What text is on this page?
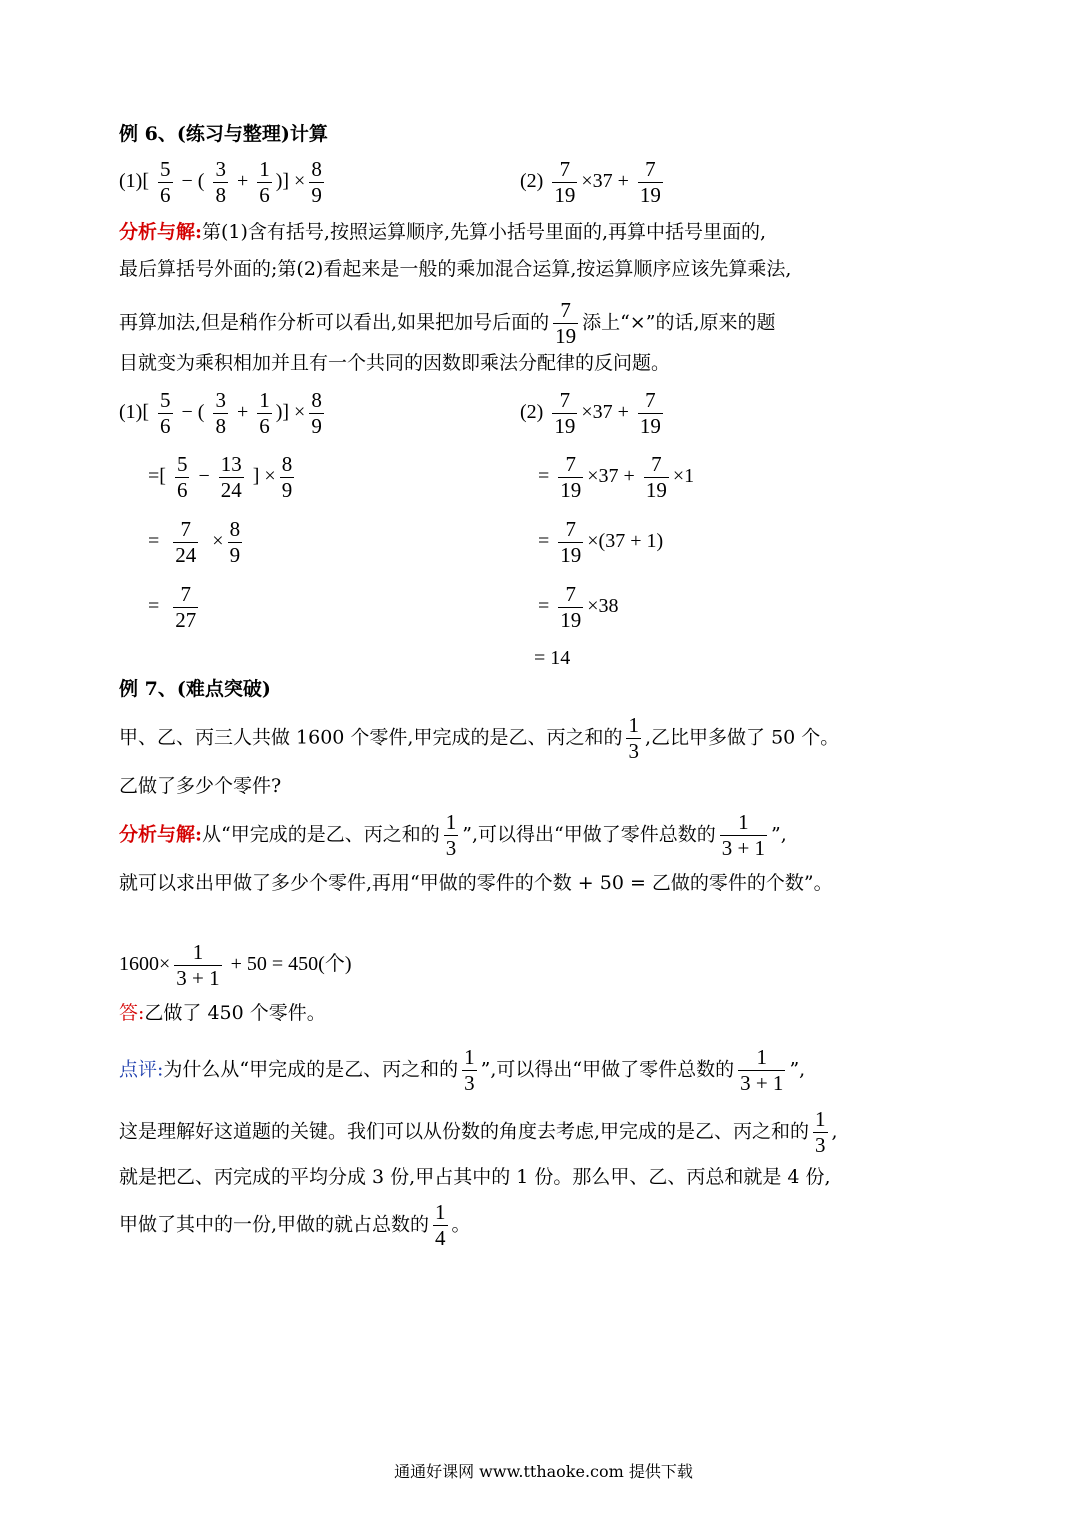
例 6、(练习与整理)计算
$(1)[ \frac{5}{6}$ − ( $\frac{3}{8} + \frac{1}{6}$ )] × $\frac{8}{9}$	$(2) \frac{7}{19} \times 37 + \frac{7}{19}$
分析与解:第(1)含有括号,按照运算顺序,先算小括号里面的,再算中括号里面的,
最后算括号外面的;第(2)看起来是一般的乘加混合运算,按运算顺序应该先算乘法,
再算加法,但是稍作分析可以看出,如果把加号后面的 $\frac{7}{19}$ 添上“×”的话,原来的题
目就变为乘积相加并且有一个共同的因数即乘法分配律的反问题。
$(1)[ \frac{5}{6}$ − ( $\frac{3}{8} + \frac{1}{6}$ )] × $\frac{8}{9}$
=[ $\frac{5}{6} - \frac{13}{24}$ ] × $\frac{8}{9}$
= $\frac{7}{24} \times \frac{8}{9}$
= $\frac{7}{27}$
$(2) \frac{7}{19} \times 37 + \frac{7}{19}$
= $\frac{7}{19} \times 37 + \frac{7}{19} \times 1$
= $\frac{7}{19} \times(37 + 1)$
= $\frac{7}{19} \times 38$
= 14
例 7、(难点突破)
甲、乙、丙三人共做 1600 个零件,甲完成的是乙、丙之和的 $\frac{1}{3}$ ,乙比甲多做了 50 个。
乙做了多少个零件?
分析与解:从“甲完成的是乙、丙之和的 $\frac{1}{3}$ ”,可以得出“甲做了零件总数的 $\frac{1}{3 + 1}$ ”,
就可以求出甲做了多少个零件,再用“甲做的零件的个数 + 50 = 乙做的零件的个数”。
$1600\times \frac{1}{3 + 1} + 50 = 450$(个)
答:乙做了 450 个零件。
点评:为什么从“甲完成的是乙、丙之和的 $\frac{1}{3}$ ”,可以得出“甲做了零件总数的 $\frac{1}{3 + 1}$ ”,
这是理解好这道题的关键。我们可以从份数的角度去考虑,甲完成的是乙、丙之和的 $\frac{1}{3}$ ,
就是把乙、丙完成的平均分成 3 份,甲占其中的 1 份。那么甲、乙、丙总和就是 4 份,
甲做了其中的一份,甲做的就占总数的 $\frac{1}{4}$ 。
通通好课网 www.tthaoke.com 提供下载
